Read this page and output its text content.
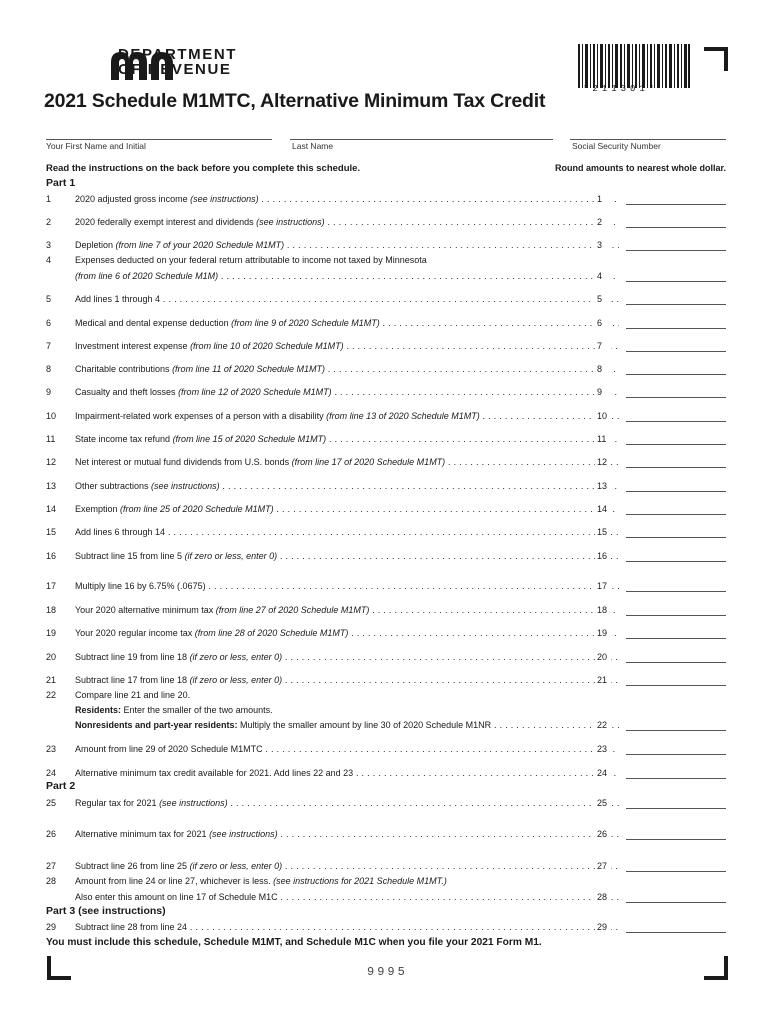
DEPARTMENT
OF REVENUE
*211301*
2021 Schedule M1MTC, Alternative Minimum Tax Credit
Your First Name and Initial	Last Name	Social Security Number
Read the instructions on the back before you complete this schedule.	Round amounts to nearest whole dollar.
Part 1
1	2020 adjusted gross income (see instructions) . . .	1
2	2020 federally exempt interest and dividends (see instructions) . . .	2
3	Depletion (from line 7 of your 2020 Schedule M1MT) . . .	3
4	Expenses deducted on your federal return attributable to income not taxed by Minnesota
(from line 6 of 2020 Schedule M1M) . . .	4
5	Add lines 1 through 4 . . .	5
6	Medical and dental expense deduction (from line 9 of 2020 Schedule M1MT) . . .	6
7	Investment interest expense (from line 10 of 2020 Schedule M1MT) . . .	7
8	Charitable contributions (from line 11 of 2020 Schedule M1MT) . . .	8
9	Casualty and theft losses (from line 12 of 2020 Schedule M1MT) . . .	9
10	Impairment-related work expenses of a person with a disability (from line 13 of 2020 Schedule M1MT) . . .	10
11	State income tax refund (from line 15 of 2020 Schedule M1MT) . . .	11
12	Net interest or mutual fund dividends from U.S. bonds (from line 17 of 2020 Schedule M1MT) . . .	12
13	Other subtractions (see instructions) . . .	13
14	Exemption (from line 25 of 2020 Schedule M1MT) . . .	14
15	Add lines 6 through 14 . . .	15
16	Subtract line 15 from line 5 (if zero or less, enter 0) . . .	16
17	Multiply line 16 by 6.75% (.0675) . . .	17
18	Your 2020 alternative minimum tax (from line 27 of 2020 Schedule M1MT) . . .	18
19	Your 2020 regular income tax (from line 28 of 2020 Schedule M1MT) . . .	19
20	Subtract line 19 from line 18 (if zero or less, enter 0) . . .	20
21	Subtract line 17 from line 18 (if zero or less, enter 0) . . .	21
22 Compare line 21 and line 20.
Residents: Enter the smaller of the two amounts.
Nonresidents and part-year residents: Multiply the smaller amount by line 30 of 2020 Schedule M1NR . . .	22
23	Amount from line 29 of 2020 Schedule M1MTC . . .	23
24	Alternative minimum tax credit available for 2021. Add lines 22 and 23 . . .	24
Part 2
25	Regular tax for 2021 (see instructions) . . .	25
26	Alternative minimum tax for 2021 (see instructions) . . .	26
27	Subtract line 26 from line 25 (if zero or less, enter 0) . . .	27
28 Amount from line 24 or line 27, whichever is less. (see instructions for 2021 Schedule M1MT.)
Also enter this amount on line 17 of Schedule M1C . . .	28
Part 3 (see instructions)
29	Subtract line 28 from line 24 . . .	29
You must include this schedule, Schedule M1MT, and Schedule M1C when you file your 2021 Form M1.
9995
